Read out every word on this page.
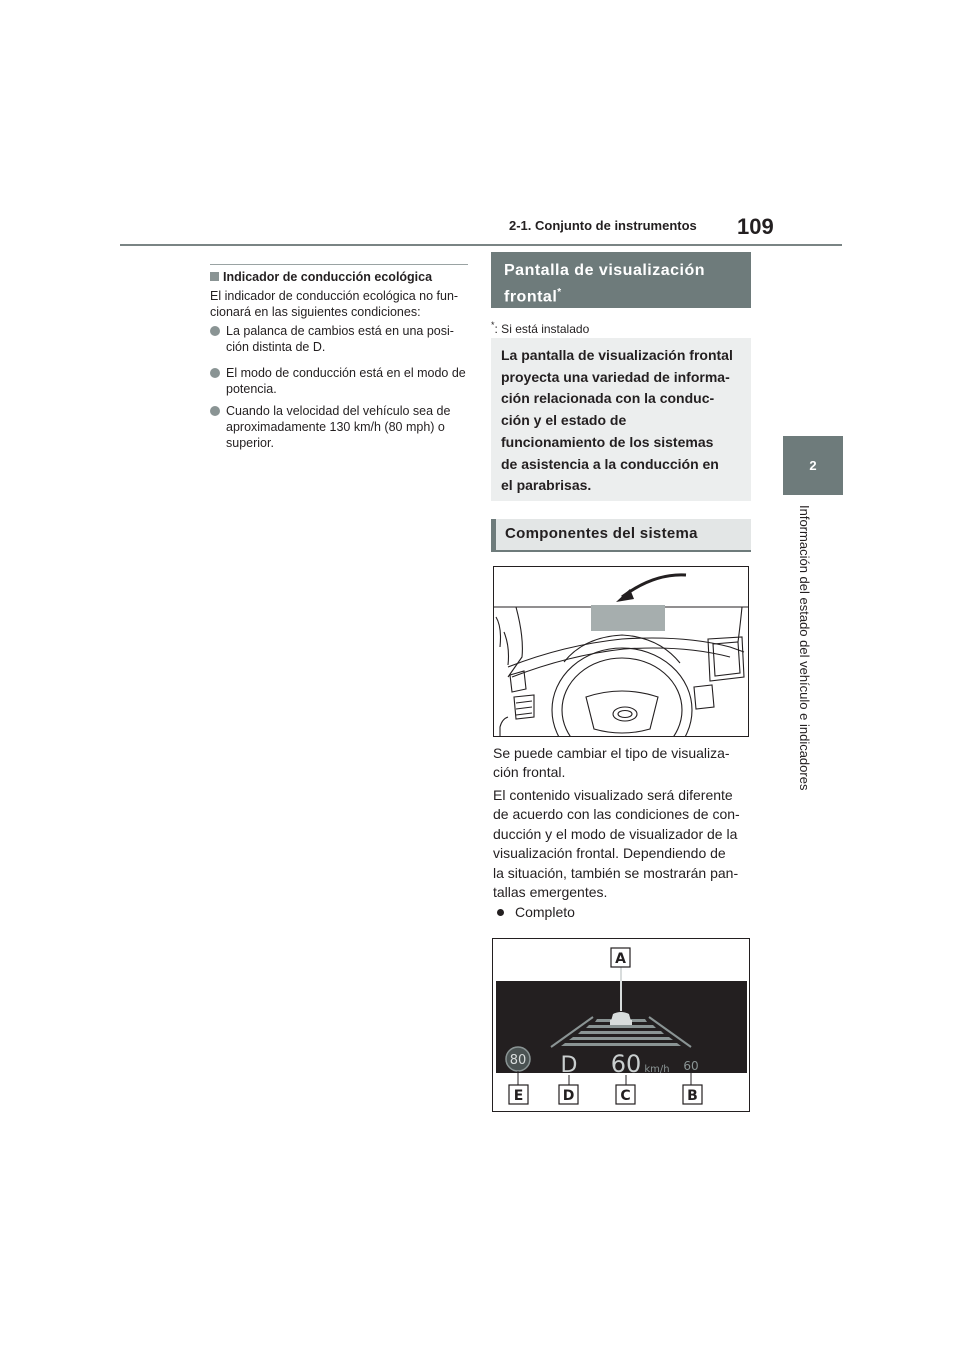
2-1. Conjunto de instrumentos 109
2
Información del estado del vehículo e indicadores
Indicador de conducción ecológica
El indicador de conducción ecológica no fun-
cionará en las siguientes condiciones:
La palanca de cambios está en una posi-
ción distinta de D.
El modo de conducción está en el modo de
potencia.
Cuando la velocidad del vehículo sea de
aproximadamente 130 km/h (80 mph) o
superior.
Pantalla de visualización
frontal*
*: Si está instalado
La pantalla de visualización frontal
proyecta una variedad de informa-
ción relacionada con la conduc-
ción y el estado de
funcionamiento de los sistemas
de asistencia a la conducción en
el parabrisas.
Componentes del sistema
Se puede cambiar el tipo de visualiza-
ción frontal.
El contenido visualizado será diferente
de acuerdo con las condiciones de con-
ducción y el modo de visualizador de la
visualización frontal. Dependiendo de
la situación, también se mostrarán pan-
tallas emergentes.
Completo
80 D 60 km/h 60
A
B
C
D
E
